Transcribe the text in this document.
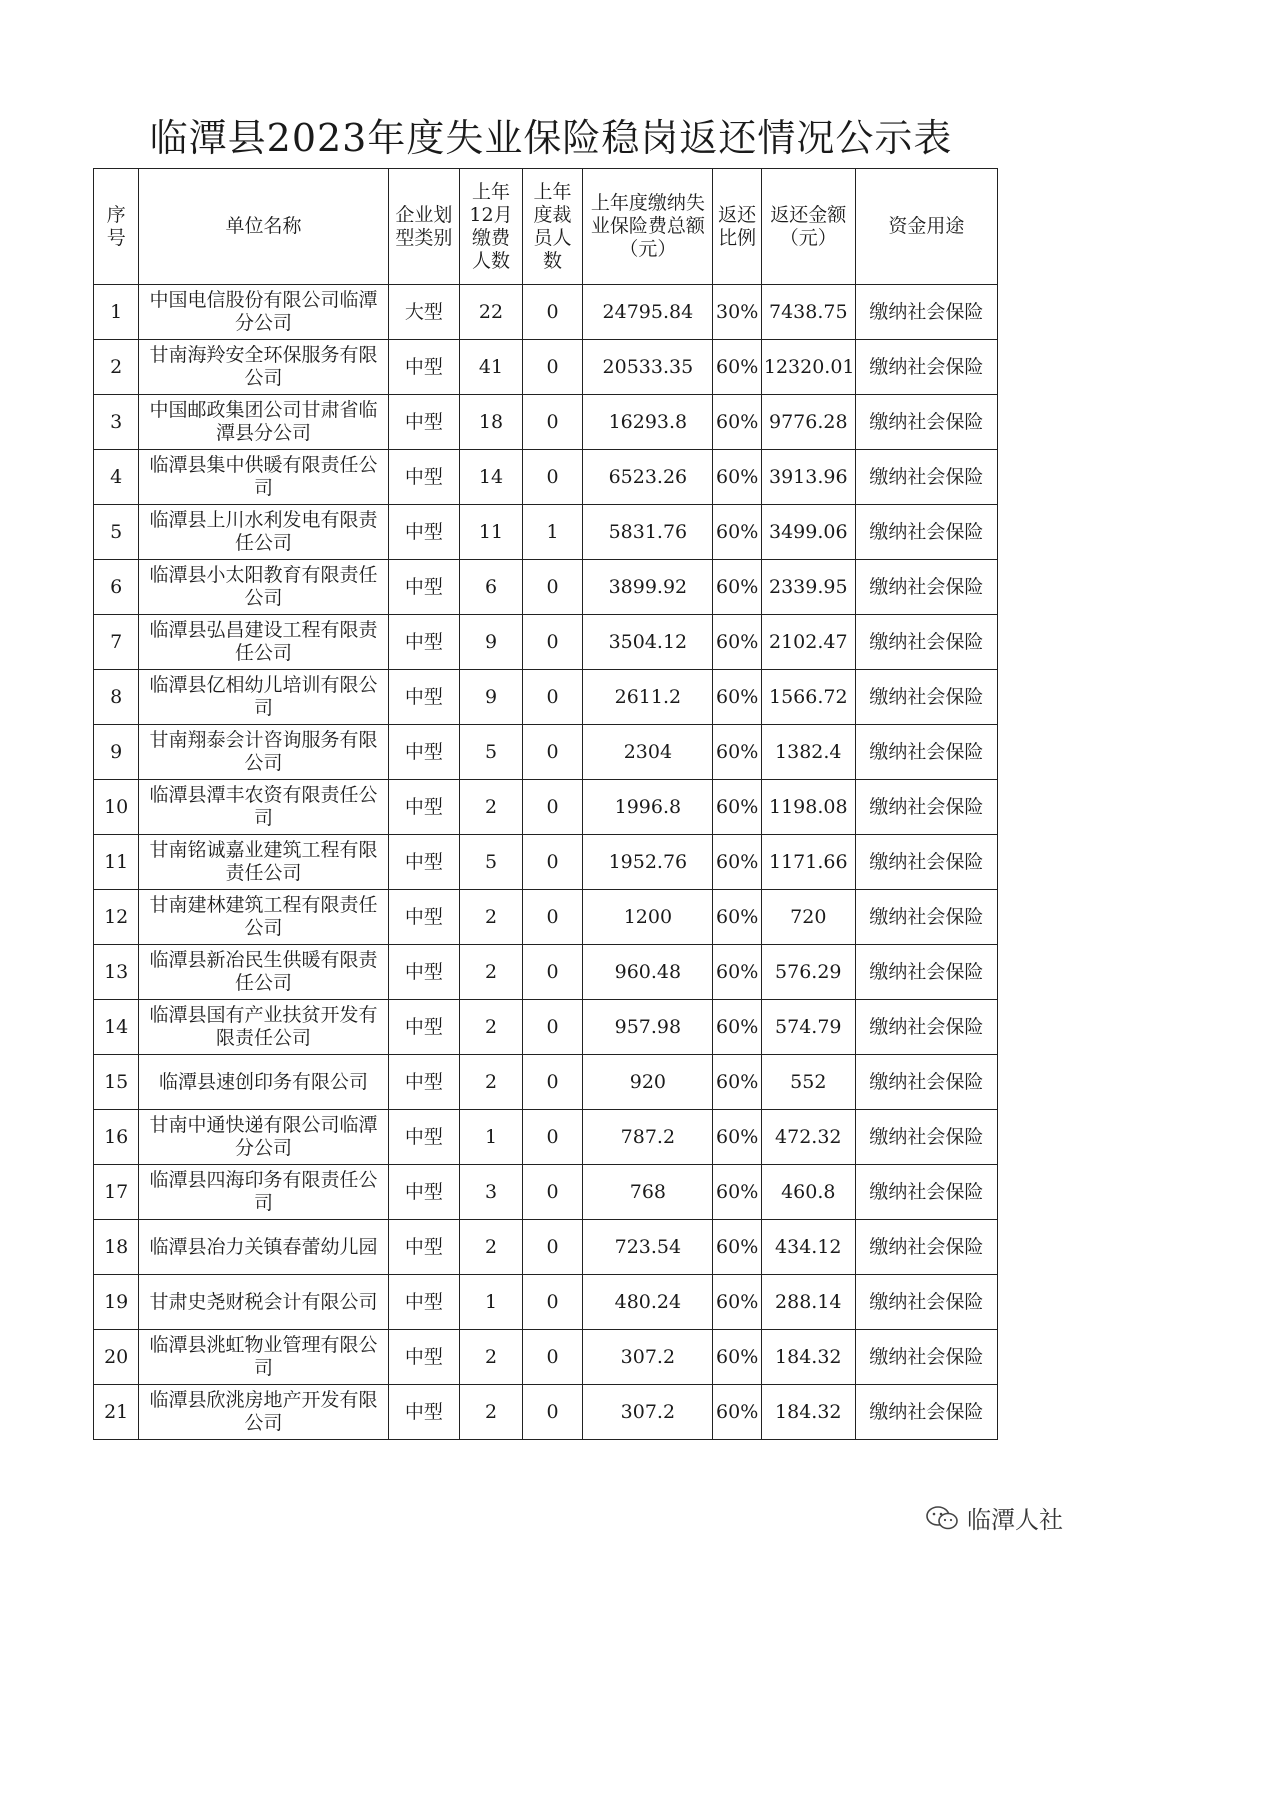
临潭县2023年度失业保险稳岗返还情况公示表
序号	单位名称	企业划型类别	上年12月缴费人数	上年度裁员人数	上年度缴纳失业保险费总额（元）	返还比例	返还金额（元）	资金用途
1	中国电信股份有限公司临潭分公司	大型	22	0	24795.84	30%	7438.75	缴纳社会保险
2	甘南海羚安全环保服务有限公司	中型	41	0	20533.35	60%	12320.01	缴纳社会保险
3	中国邮政集团公司甘肃省临潭县分公司	中型	18	0	16293.8	60%	9776.28	缴纳社会保险
4	临潭县集中供暖有限责任公司	中型	14	0	6523.26	60%	3913.96	缴纳社会保险
5	临潭县上川水利发电有限责任公司	中型	11	1	5831.76	60%	3499.06	缴纳社会保险
6	临潭县小太阳教育有限责任公司	中型	6	0	3899.92	60%	2339.95	缴纳社会保险
7	临潭县弘昌建设工程有限责任公司	中型	9	0	3504.12	60%	2102.47	缴纳社会保险
8	临潭县亿相幼儿培训有限公司	中型	9	0	2611.2	60%	1566.72	缴纳社会保险
9	甘南翔泰会计咨询服务有限公司	中型	5	0	2304	60%	1382.4	缴纳社会保险
10	临潭县潭丰农资有限责任公司	中型	2	0	1996.8	60%	1198.08	缴纳社会保险
11	甘南铭诚嘉业建筑工程有限责任公司	中型	5	0	1952.76	60%	1171.66	缴纳社会保险
12	甘南建林建筑工程有限责任公司	中型	2	0	1200	60%	720	缴纳社会保险
13	临潭县新冶民生供暖有限责任公司	中型	2	0	960.48	60%	576.29	缴纳社会保险
14	临潭县国有产业扶贫开发有限责任公司	中型	2	0	957.98	60%	574.79	缴纳社会保险
15	临潭县速创印务有限公司	中型	2	0	920	60%	552	缴纳社会保险
16	甘南中通快递有限公司临潭分公司	中型	1	0	787.2	60%	472.32	缴纳社会保险
17	临潭县四海印务有限责任公司	中型	3	0	768	60%	460.8	缴纳社会保险
18	临潭县冶力关镇春蕾幼儿园	中型	2	0	723.54	60%	434.12	缴纳社会保险
19	甘肃史尧财税会计有限公司	中型	1	0	480.24	60%	288.14	缴纳社会保险
20	临潭县洮虹物业管理有限公司	中型	2	0	307.2	60%	184.32	缴纳社会保险
21	临潭县欣洮房地产开发有限公司	中型	2	0	307.2	60%	184.32	缴纳社会保险
临潭人社
